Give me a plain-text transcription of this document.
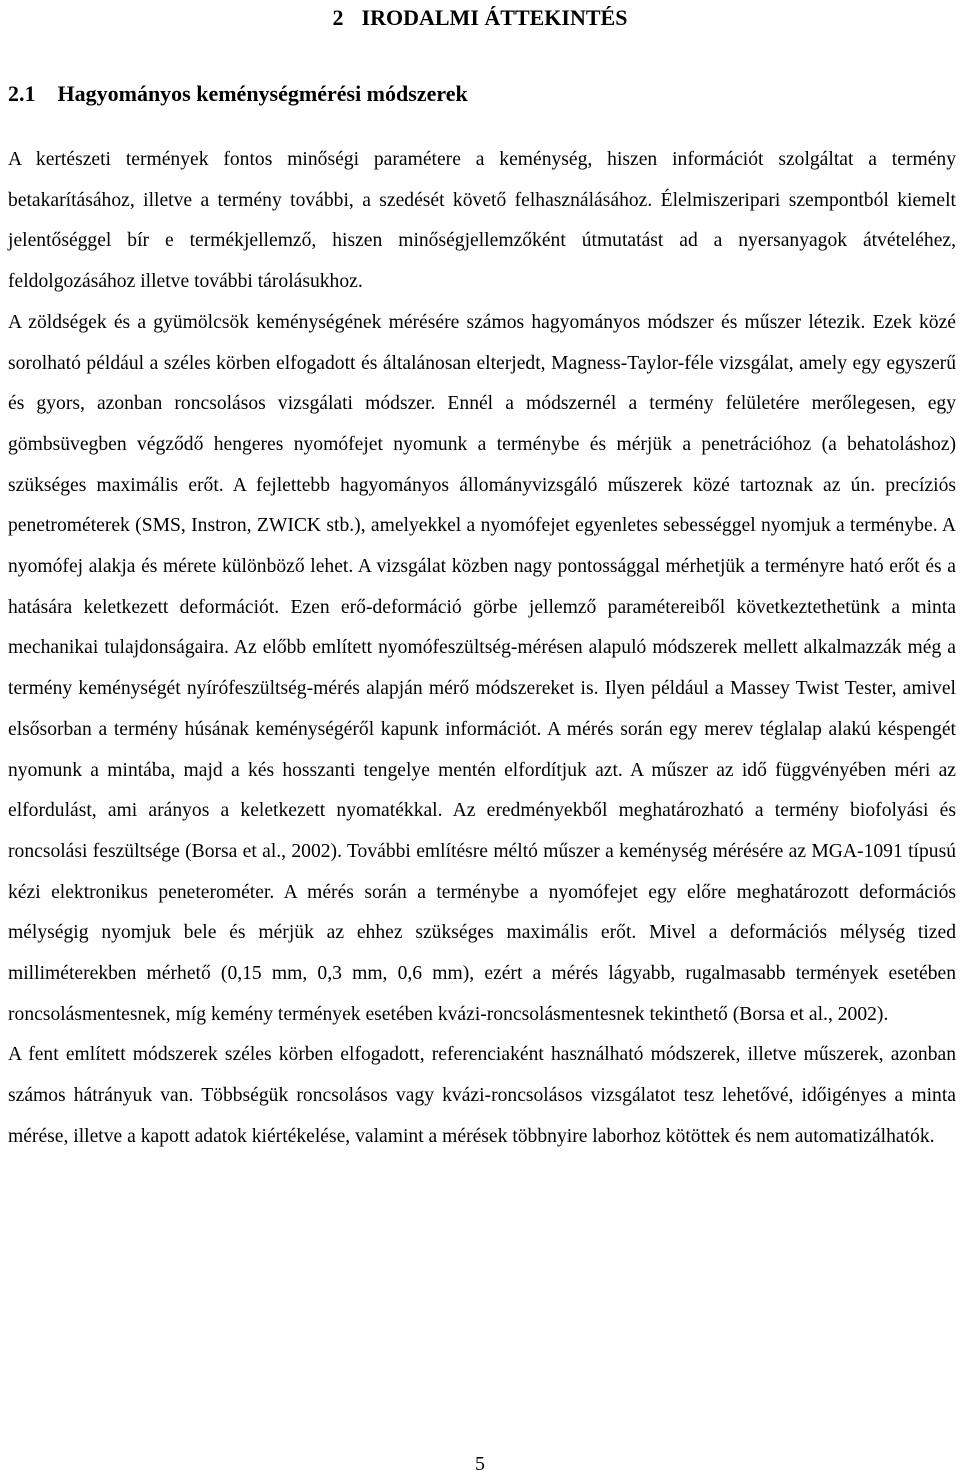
2 IRODALMI ÁTTEKINTÉS
2.1 Hagyományos keménységmérési módszerek

A kertészeti termények fontos minőségi paramétere a keménység, hiszen információt szolgáltat a termény betakarításához, illetve a termény további, a szedését követő felhasználásához. Élelmiszeripari szempontból kiemelt jelentőséggel bír e termékjellemző, hiszen minőségjellemzőként útmutatást ad a nyersanyagok átvételéhez, feldolgozásához illetve további tárolásukhoz.

A zöldségek és a gyümölcsök keménységének mérésére számos hagyományos módszer és műszer létezik. Ezek közé sorolható például a széles körben elfogadott és általánosan elterjedt, Magness-Taylor-féle vizsgálat, amely egy egyszerű és gyors, azonban roncsolásos vizsgálati módszer. Ennél a módszernél a termény felületére merőlegesen, egy gömbsüvegben végződő hengeres nyomófejet nyomunk a terménybe és mérjük a penetrációhoz (a behatoláshoz) szükséges maximális erőt. A fejlettebb hagyományos állományvizsgáló műszerek közé tartoznak az ún. precíziós penetrométerek (SMS, Instron, ZWICK stb.), amelyekkel a nyomófejet egyenletes sebességgel nyomjuk a terménybe. A nyomófej alakja és mérete különböző lehet. A vizsgálat közben nagy pontossággal mérhetjük a terményre ható erőt és a hatására keletkezett deformációt. Ezen erő-deformáció görbe jellemző paramétereiből következtethetünk a minta mechanikai tulajdonságaira. Az előbb említett nyomófeszültség-mérésen alapuló módszerek mellett alkalmazzák még a termény keménységét nyírófeszültség-mérés alapján mérő módszereket is. Ilyen például a Massey Twist Tester, amivel elsősorban a termény húsának keménységéről kapunk információt. A mérés során egy merev téglalap alakú késpengét nyomunk a mintába, majd a kés hosszanti tengelye mentén elfordítjuk azt. A műszer az idő függvényében méri az elfordulást, ami arányos a keletkezett nyomatékkal. Az eredményekből meghatározható a termény biofolyási és roncsolási feszültsége (Borsa et al., 2002). További említésre méltó műszer a keménység mérésére az MGA-1091 típusú kézi elektronikus peneterométer. A mérés során a terménybe a nyomófejet egy előre meghatározott deformációs mélységig nyomjuk bele és mérjük az ehhez szükséges maximális erőt. Mivel a deformációs mélység tized milliméterekben mérhető (0,15 mm, 0,3 mm, 0,6 mm), ezért a mérés lágyabb, rugalmasabb termények esetében roncsolásmentesnek, míg kemény termények esetében kvázi-roncsolásmentesnek tekinthető (Borsa et al., 2002).

A fent említett módszerek széles körben elfogadott, referenciaként használható módszerek, illetve műszerek, azonban számos hátrányuk van. Többségük roncsolásos vagy kvázi-roncsolásos vizsgálatot tesz lehetővé, időigényes a minta mérése, illetve a kapott adatok kiértékelése, valamint a mérések többnyire laborhoz kötöttek és nem automatizálhatók.

5
